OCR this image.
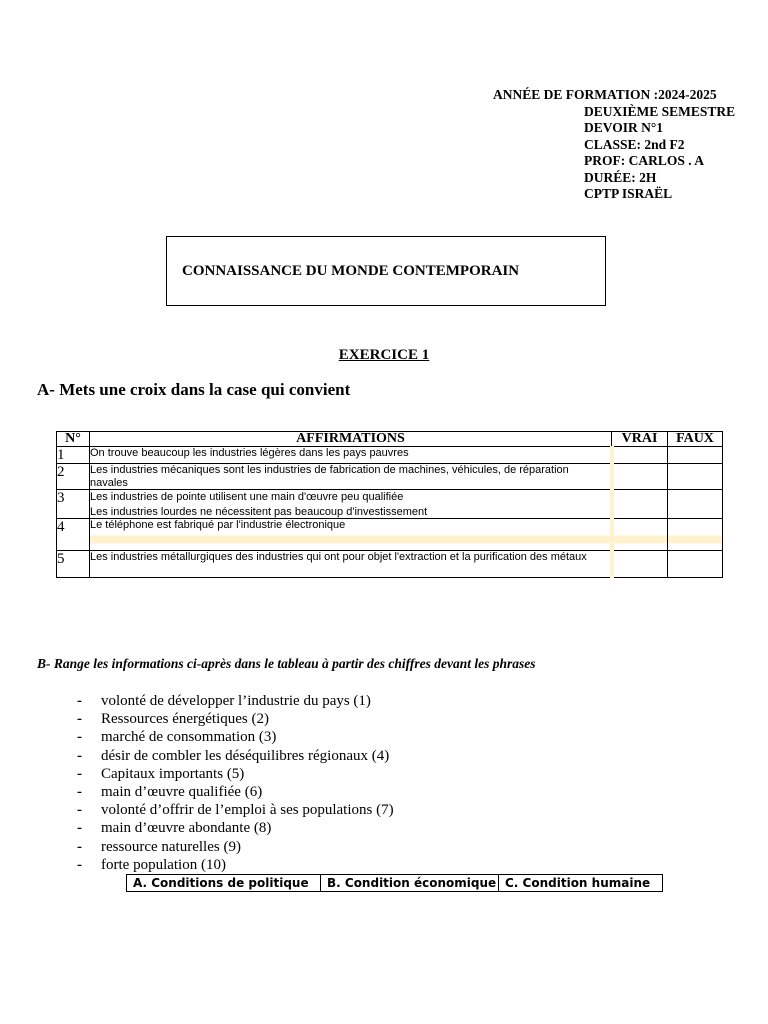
ANNÉE DE FORMATION :2024-2025
DEUXIÈME SEMESTRE
DEVOIR N°1
CLASSE: 2nd F2
PROF: CARLOS . A
DURÉE: 2H
CPTP ISRAËL
CONNAISSANCE DU MONDE CONTEMPORAIN
EXERCICE 1
A- Mets une croix dans la case qui convient
N°	AFFIRMATIONS	VRAI	FAUX
1	On trouve beaucoup les industries légères dans les pays pauvres		
2	Les industries mécaniques sont les industries de fabrication de machines, véhicules, de réparation navales		
3	Les industries de pointe utilisent une main d'œuvre peu qualifiée
Les industries lourdes ne nécessitent pas beaucoup d'investissement		

4	Le téléphone est fabriqué par l'industrie électronique		
5	Les industries métallurgiques des industries qui ont pour objet l'extraction et la purification des métaux		
B- Range les informations ci-après dans le tableau à partir des chiffres devant les phrases
- volonté de développer l’industrie du pays (1)
- Ressources énergétiques (2)
- marché de consommation (3)
- désir de combler les déséquilibres régionaux (4)
- Capitaux importants (5)
- main d’œuvre qualifiée (6)
- volonté d’offrir de l’emploi à ses populations (7)
- main d’œuvre abondante (8)
- ressource naturelles (9)
- forte population (10)
A. Conditions de politique	B. Condition économique	C. Condition humaine
